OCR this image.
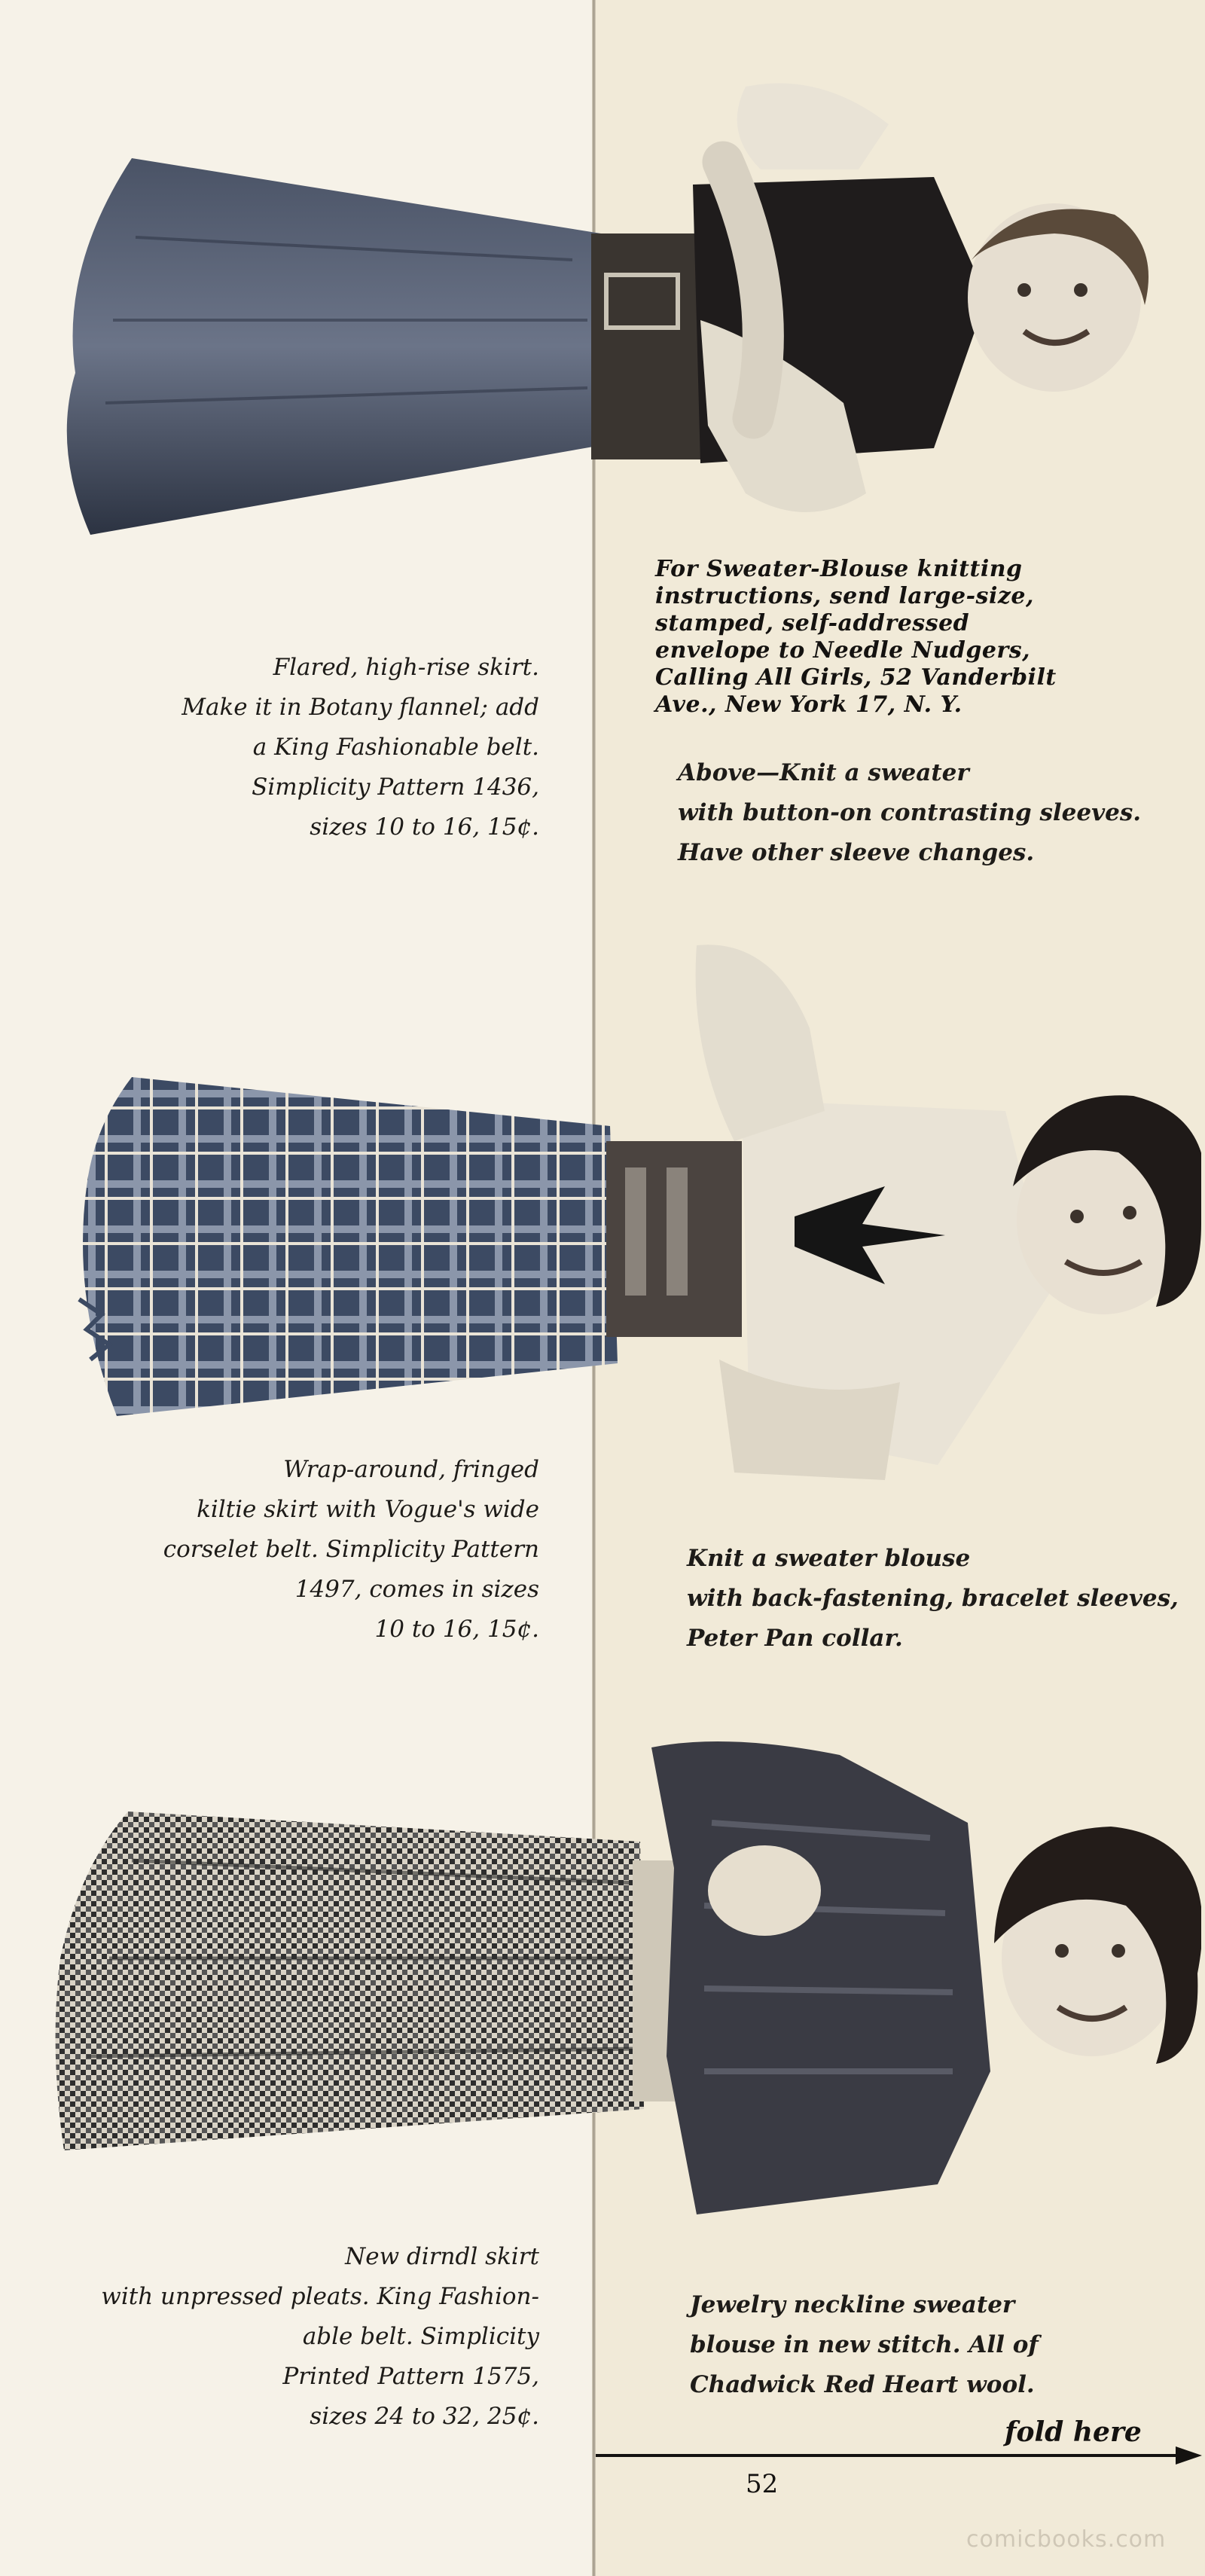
For Sweater-Blouse knitting
instructions, send large-size,
stamped, self-addressed
envelope to Needle Nudgers,
Calling All Girls, 52 Vanderbilt
Ave., New York 17, N. Y.
Flared, high-rise skirt.
Make it in Botany flannel; add
a King Fashionable belt.
Simplicity Pattern 1436,
sizes 10 to 16, 15¢.
Above—Knit a sweater
with button-on contrasting sleeves.
Have other sleeve changes.
Wrap-around, fringed
kiltie skirt with Vogue's wide
corselet belt. Simplicity Pattern
1497, comes in sizes
10 to 16, 15¢.
Knit a sweater blouse
with back-fastening, bracelet sleeves,
Peter Pan collar.
New dirndl skirt
with unpressed pleats. King Fashion-
able belt. Simplicity
Printed Pattern 1575,
sizes 24 to 32, 25¢.
Jewelry neckline sweater
blouse in new stitch. All of
Chadwick Red Heart wool.
fold here
52
comicbooks.com
